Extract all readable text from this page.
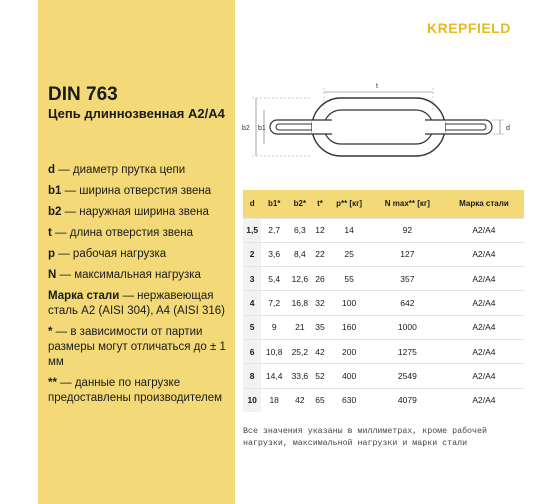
KREPFIELD
DIN 763
Цепь длиннозвенная A2/A4
d — диаметр прутка цепи
b1 — ширина отверстия звена
b2 — наружная ширина звена
t — длина отверстия звена
p — рабочая нагрузка
N — максимальная нагрузка
Марка стали — нержавеющая сталь A2 (AISI 304), A4 (AISI 316)
* — в зависимости от партии размеры могут отличаться до ± 1 мм
** — данные по нагрузке предоставлены производителем
t
b2 b1	d
d	b1*	b2*	t*	p** [кг]	N max** [кг]	Марка стали
1,5	2,7	6,3	12	14	92	A2/A4
2	3,6	8,4	22	25	127	A2/A4
3	5,4	12,6	26	55	357	A2/A4
4	7,2	16,8	32	100	642	A2/A4
5	9	21	35	160	1000	A2/A4
6	10,8	25,2	42	200	1275	A2/A4
8	14,4	33,6	52	400	2549	A2/A4
10	18	42	65	630	4079	A2/A4
Все значения указаны в миллиметрах, кроме рабочей нагрузки, максимальной нагрузки и марки стали
